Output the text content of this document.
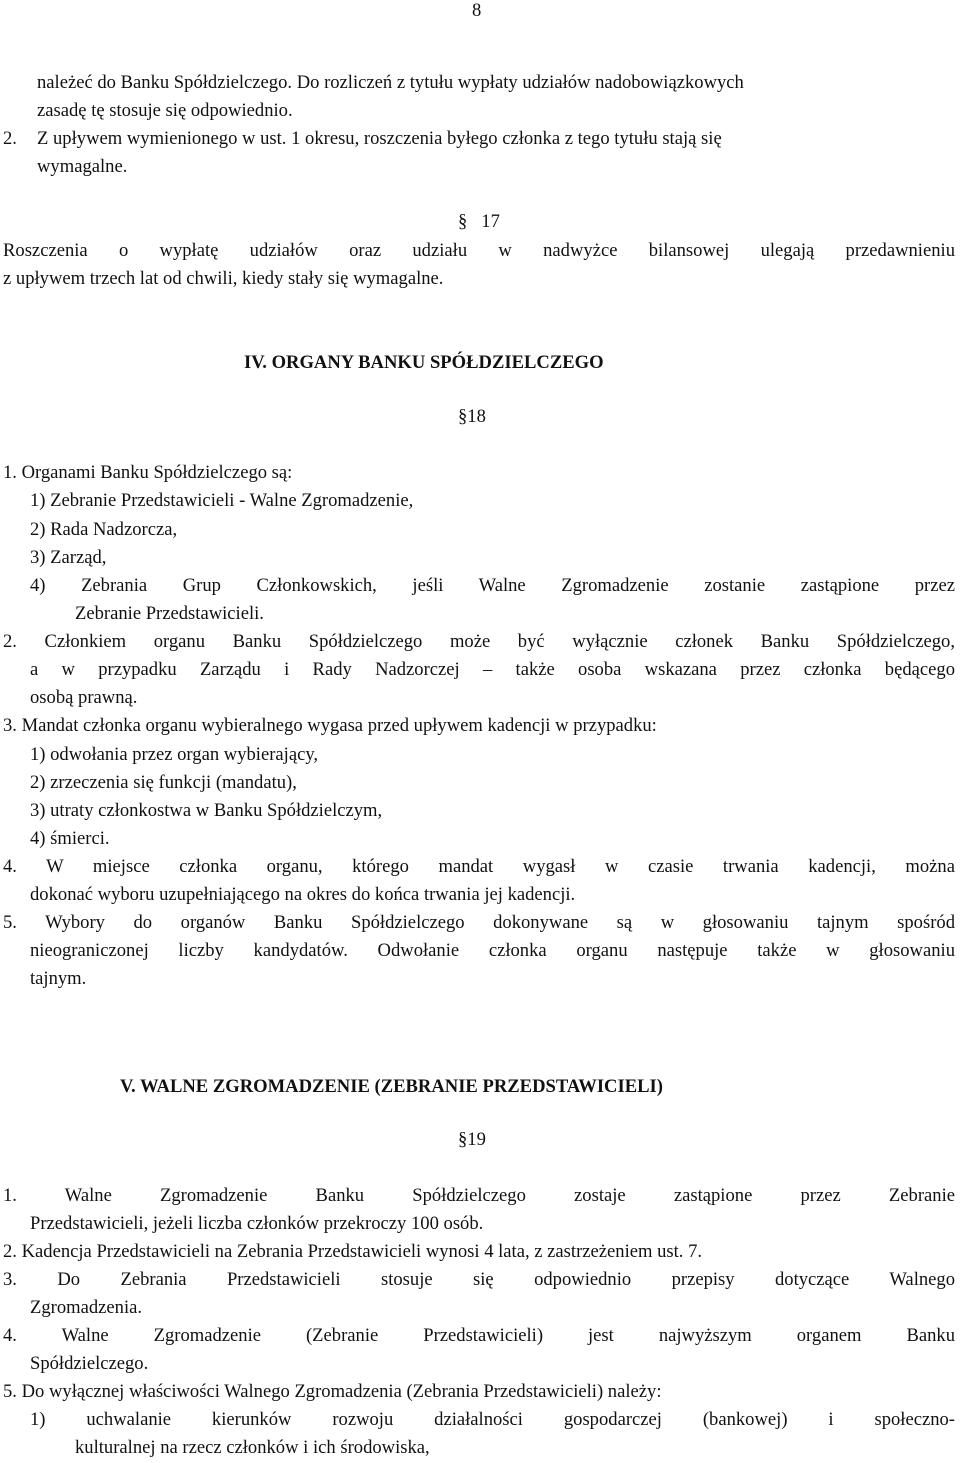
8
należeć do Banku Spółdzielczego. Do rozliczeń z tytułu wypłaty udziałów nadobowiązkowych
zasadę tę stosuje się odpowiednio.
2. Z upływem wymienionego w ust. 1 okresu, roszczenia byłego członka z tego tytułu stają się
wymagalne.
§ 17
Roszczenia o wypłatę udziałów oraz udziału w nadwyżce bilansowej ulegają przedawnieniu
z upływem trzech lat od chwili, kiedy stały się wymagalne.
IV. ORGANY BANKU SPÓŁDZIELCZEGO
§18
1. Organami Banku Spółdzielczego są:
1) Zebranie Przedstawicieli - Walne Zgromadzenie,
2) Rada Nadzorcza,
3) Zarząd,
4) Zebrania Grup Członkowskich, jeśli Walne Zgromadzenie zostanie zastąpione przez
Zebranie Przedstawicieli.
2. Członkiem organu Banku Spółdzielczego może być wyłącznie członek Banku Spółdzielczego,
a w przypadku Zarządu i Rady Nadzorczej – także osoba wskazana przez członka będącego
osobą prawną.
3. Mandat członka organu wybieralnego wygasa przed upływem kadencji w przypadku:
1) odwołania przez organ wybierający,
2) zrzeczenia się funkcji (mandatu),
3) utraty członkostwa w Banku Spółdzielczym,
4) śmierci.
4. W miejsce członka organu, którego mandat wygasł w czasie trwania kadencji, można
dokonać wyboru uzupełniającego na okres do końca trwania jej kadencji.
5. Wybory do organów Banku Spółdzielczego dokonywane są w głosowaniu tajnym spośród
nieograniczonej liczby kandydatów. Odwołanie członka organu następuje także w głosowaniu
tajnym.
V. WALNE ZGROMADZENIE (ZEBRANIE PRZEDSTAWICIELI)
§19
1. Walne Zgromadzenie Banku Spółdzielczego zostaje zastąpione przez Zebranie
Przedstawicieli, jeżeli liczba członków przekroczy 100 osób.
2. Kadencja Przedstawicieli na Zebrania Przedstawicieli wynosi 4 lata, z zastrzeżeniem ust. 7.
3. Do Zebrania Przedstawicieli stosuje się odpowiednio przepisy dotyczące Walnego
Zgromadzenia.
4. Walne Zgromadzenie (Zebranie Przedstawicieli) jest najwyższym organem Banku
Spółdzielczego.
5. Do wyłącznej właściwości Walnego Zgromadzenia (Zebrania Przedstawicieli) należy:
1) uchwalanie kierunków rozwoju działalności gospodarczej (bankowej) i społeczno-
kulturalnej na rzecz członków i ich środowiska,
